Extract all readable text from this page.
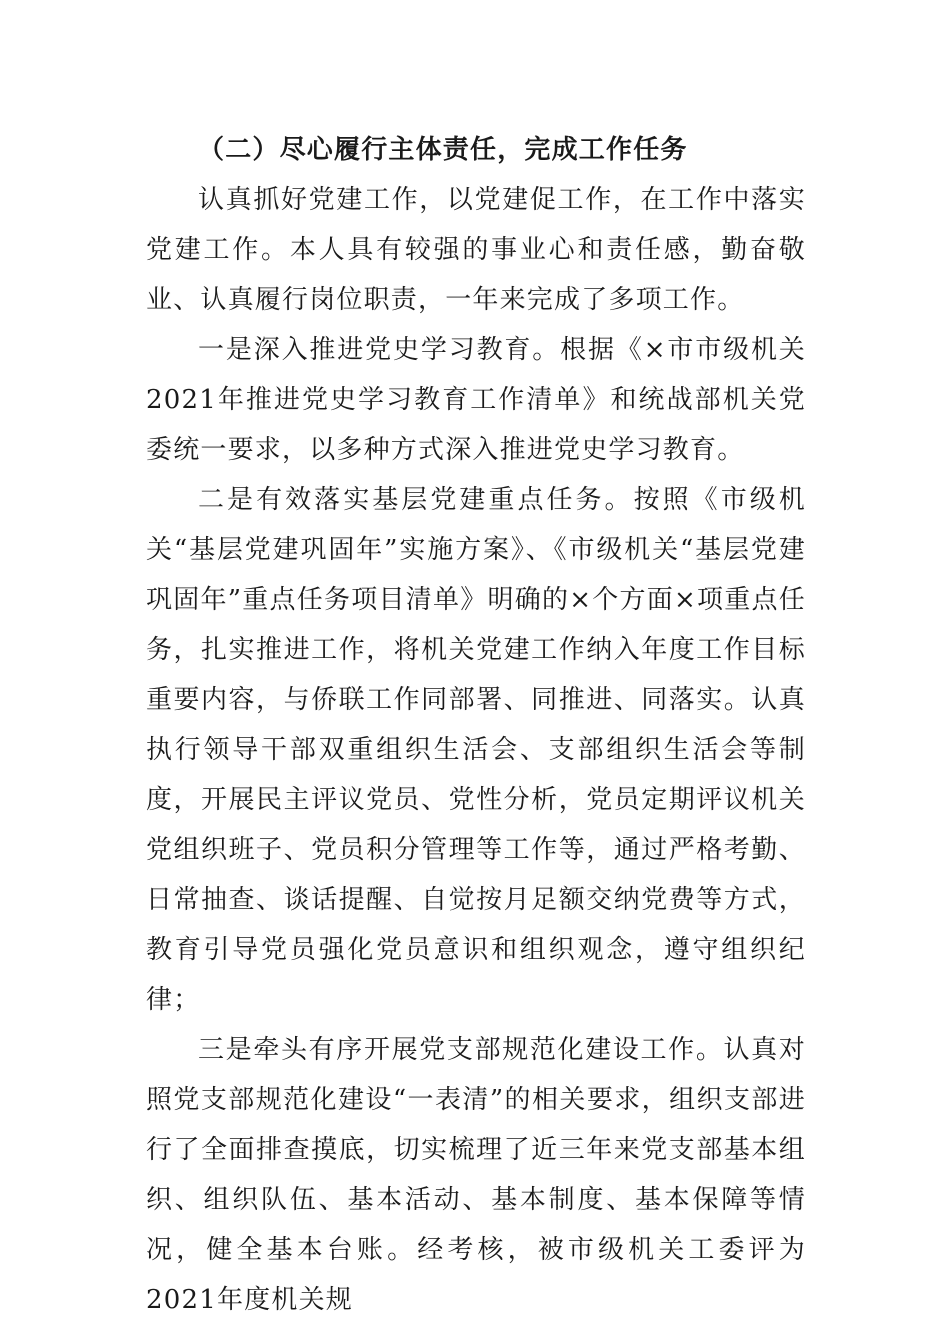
（二）尽心履行主体责任，完成工作任务

认真抓好党建工作，以党建促工作，在工作中落实党建工作。本人具有较强的事业心和责任感，勤奋敬业、认真履行岗位职责，一年来完成了多项工作。

一是深入推进党史学习教育。根据《×市市级机关2021年推进党史学习教育工作清单》和统战部机关党委统一要求，以多种方式深入推进党史学习教育。

二是有效落实基层党建重点任务。按照《市级机关“基层党建巩固年”实施方案》、《市级机关“基层党建巩固年”重点任务项目清单》明确的×个方面×项重点任务，扎实推进工作，将机关党建工作纳入年度工作目标重要内容，与侨联工作同部署、同推进、同落实。认真执行领导干部双重组织生活会、支部组织生活会等制度，开展民主评议党员、党性分析，党员定期评议机关党组织班子、党员积分管理等工作等，通过严格考勤、日常抽查、谈话提醒、自觉按月足额交纳党费等方式，教育引导党员强化党员意识和组织观念，遵守组织纪律；

三是牵头有序开展党支部规范化建设工作。认真对照党支部规范化建设“一表清”的相关要求，组织支部进行了全面排查摸底，切实梳理了近三年来党支部基本组织、组织队伍、基本活动、基本制度、基本保障等情况，健全基本台账。经考核，被市级机关工委评为2021年度机关规
